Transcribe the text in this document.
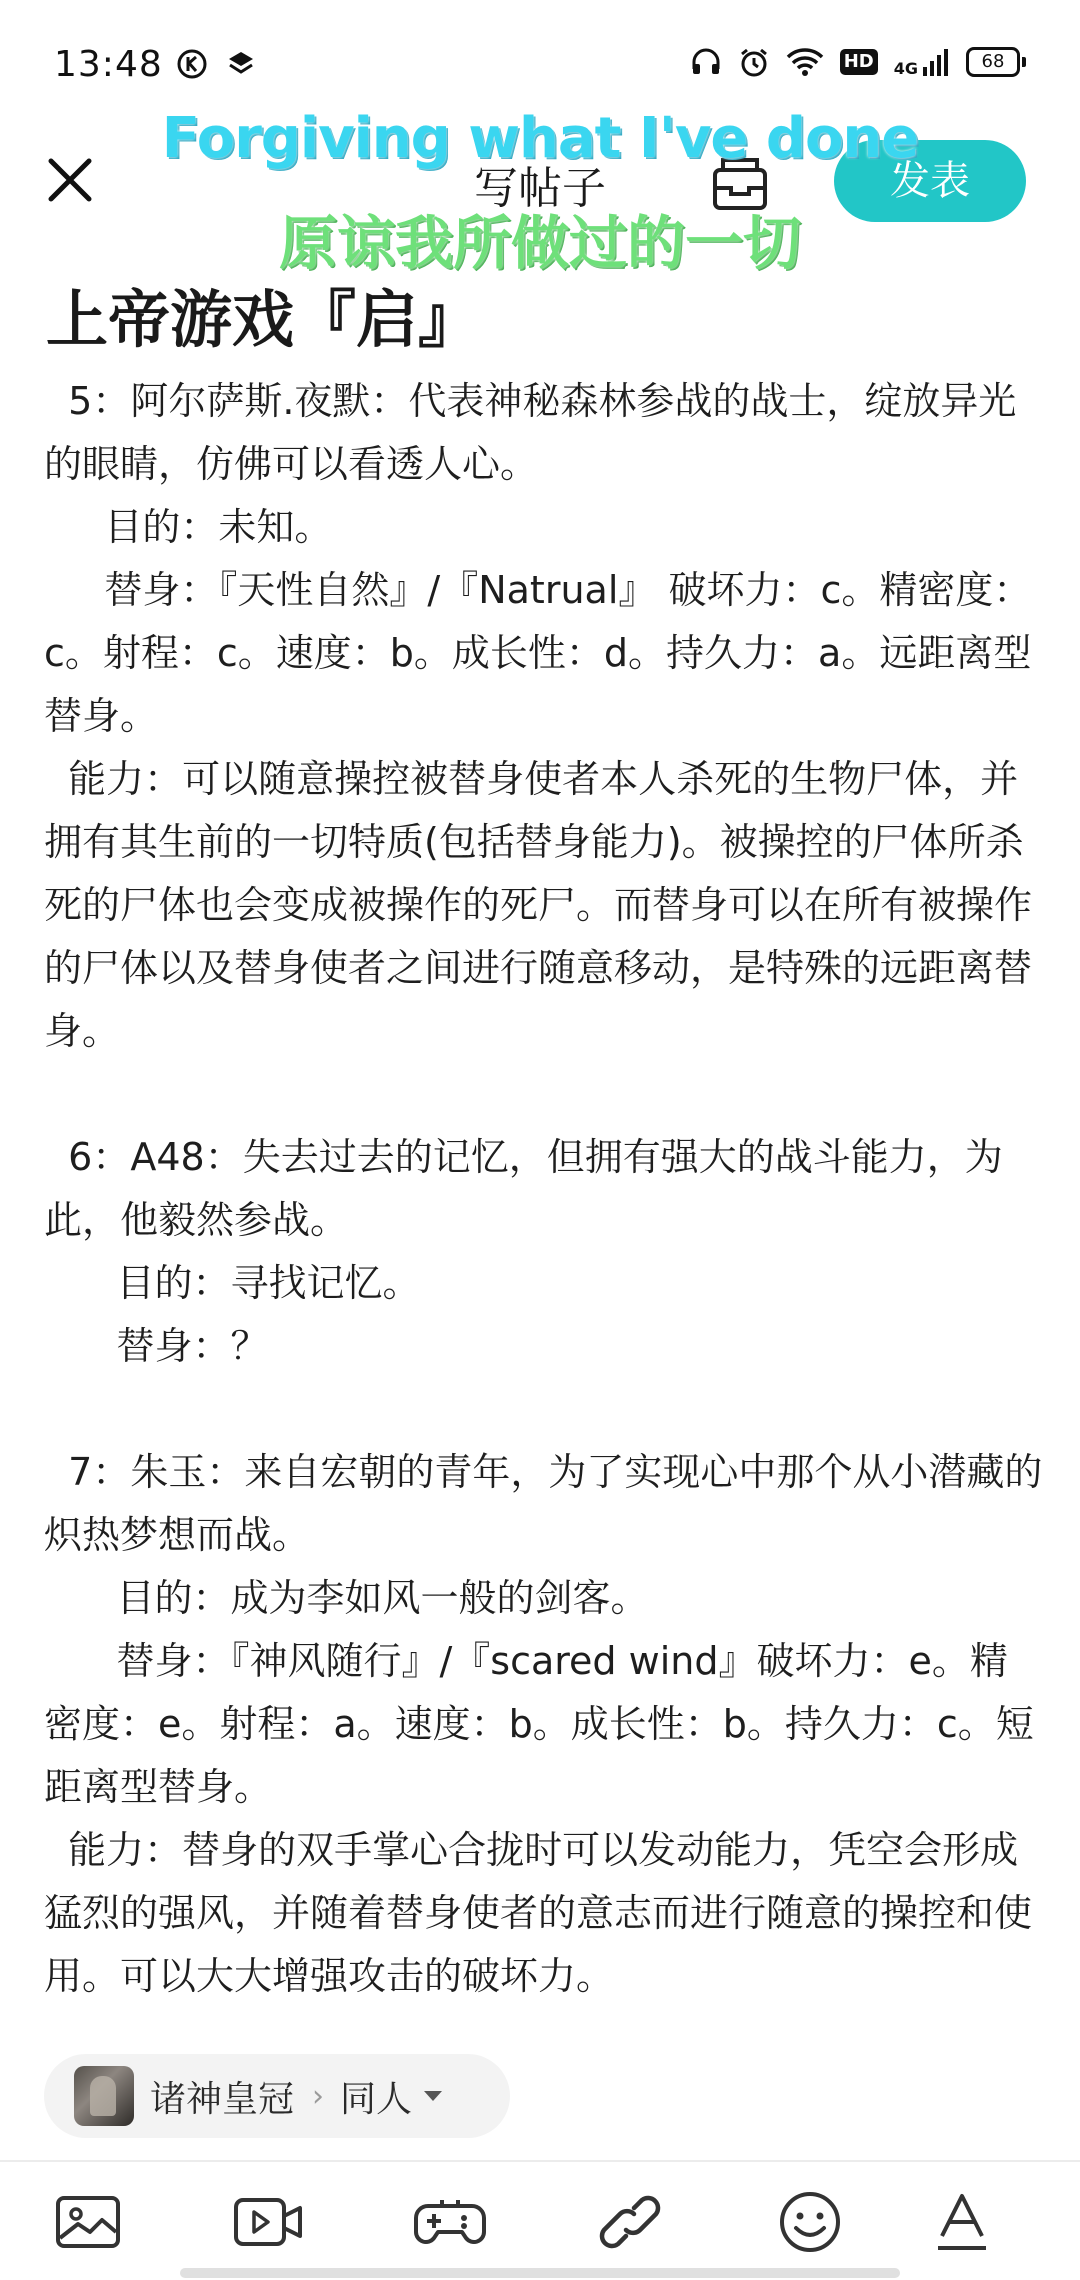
13:48	HD 4G	68
写帖子	发表
Forgiving what I've done
原谅我所做过的一切
上帝游戏『启』
5：阿尔萨斯.夜默：代表神秘森林参战的战士，绽放异光的眼睛，仿佛可以看透人心。
目的：未知。
替身：『天性自然』/『Natrual』 破坏力：c。精密度：c。射程：c。速度：b。成长性：d。持久力：a。远距离型替身。
能力：可以随意操控被替身使者本人杀死的生物尸体，并拥有其生前的一切特质(包括替身能力)。被操控的尸体所杀死的尸体也会变成被操作的死尸。而替身可以在所有被操作的尸体以及替身使者之间进行随意移动，是特殊的远距离替身。

6：A48：失去过去的记忆，但拥有强大的战斗能力，为此，他毅然参战。
目的：寻找记忆。
替身：？

7：朱玉：来自宏朝的青年，为了实现心中那个从小潜藏的炽热梦想而战。
目的：成为李如风一般的剑客。
替身：『神风随行』/『scared wind』破坏力：e。精密度：e。射程：a。速度：b。成长性：b。持久力：c。短距离型替身。
能力：替身的双手掌心合拢时可以发动能力，凭空会形成猛烈的强风，并随着替身使者的意志而进行随意的操控和使用。可以大大增强攻击的破坏力。
诸神皇冠 › 同人
